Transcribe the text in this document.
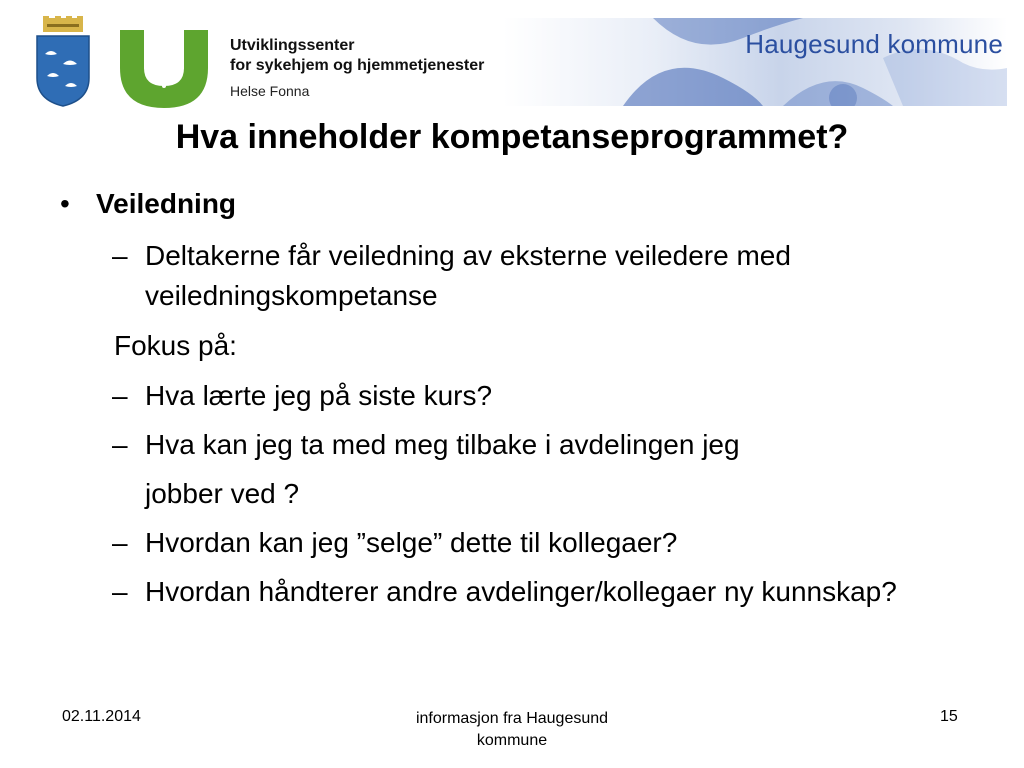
Utviklingssenter
for sykehjem og hjemmetjenester
Helse Fonna
Haugesund kommune
Hva inneholder kompetanseprogrammet?
• Veiledning
– Deltakerne får veiledning av eksterne veiledere med veiledningskompetanse
Fokus på:
– Hva lærte jeg på siste kurs?
– Hva kan jeg ta med meg tilbake i avdelingen jeg
jobber ved ?
– Hvordan kan jeg ”selge” dette til kollegaer?
– Hvordan håndterer andre avdelinger/kollegaer ny kunnskap?
02.11.2014	informasjon fra Haugesund kommune
15
